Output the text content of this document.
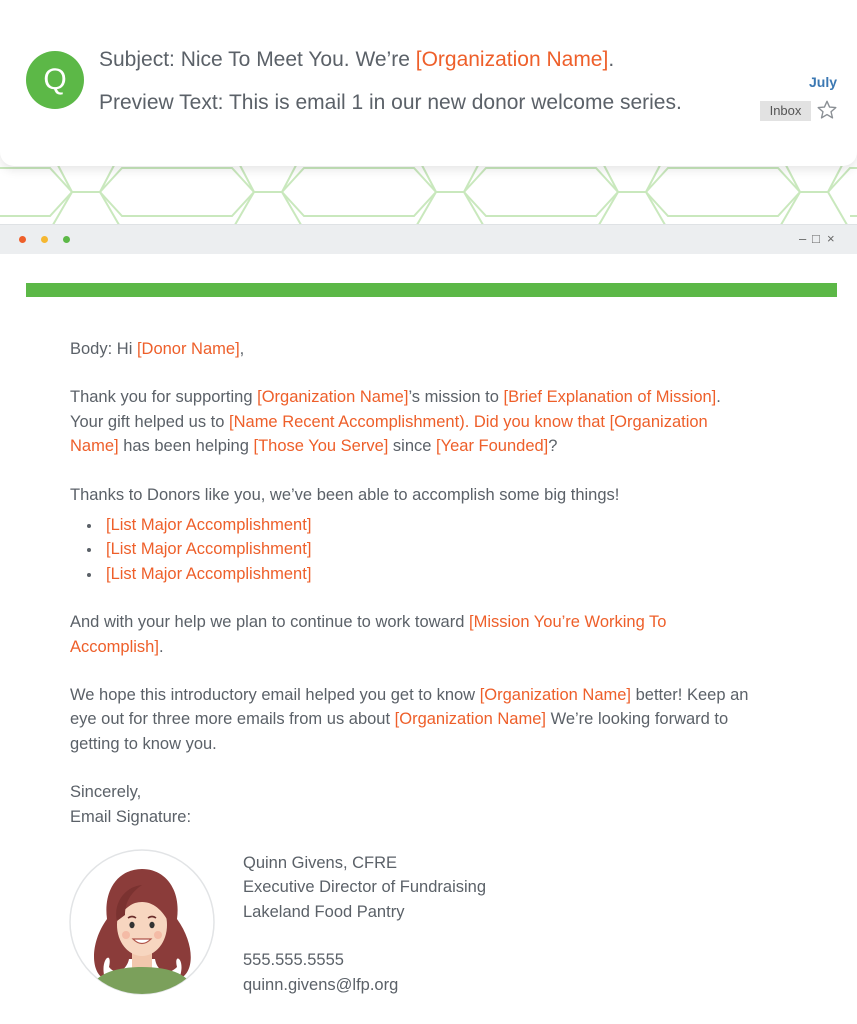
Q
Subject: Nice To Meet You. We’re [Organization Name].
Preview Text: This is email 1 in our new donor welcome series.
July
Inbox
– □ ×

Body: Hi [Donor Name],

Thank you for supporting [Organization Name]’s mission to [Brief Explanation of Mission].
Your gift helped us to [Name Recent Accomplishment). Did you know that [Organization
Name] has been helping [Those You Serve] since [Year Founded]?

Thanks to Donors like you, we’ve been able to accomplish some big things!

[List Major Accomplishment]
[List Major Accomplishment]
[List Major Accomplishment]

And with your help we plan to continue to work toward [Mission You’re Working To
Accomplish].

We hope this introductory email helped you get to know [Organization Name] better! Keep an
eye out for three more emails from us about [Organization Name] We’re looking forward to
getting to know you.

Sincerely,

Email Signature:

Quinn Givens, CFRE
Executive Director of Fundraising
Lakeland Food Pantry
555.555.5555
quinn.givens@lfp.org
